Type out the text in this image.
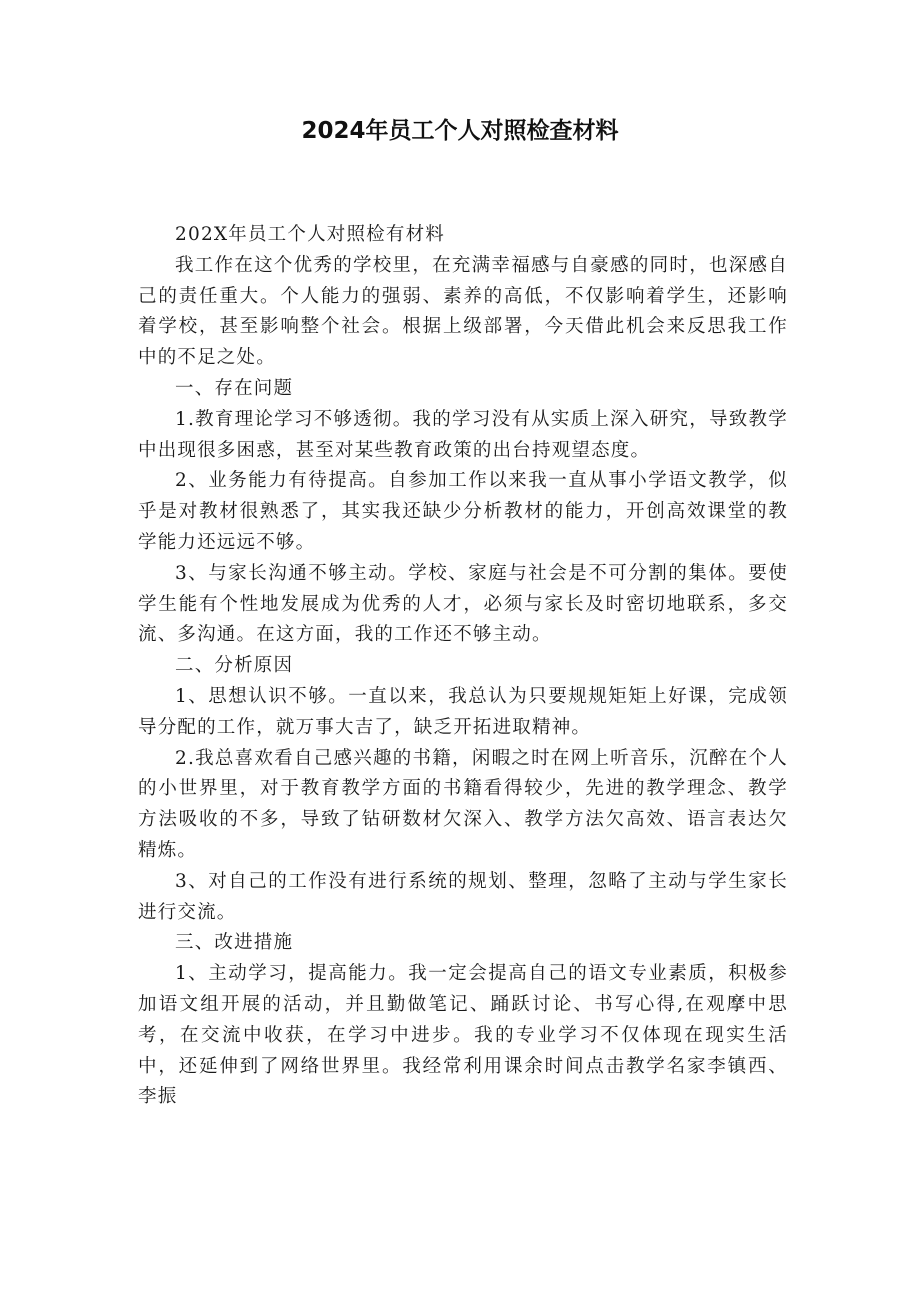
2024年员工个人对照检查材料

202X年员工个人对照检有材料

我工作在这个优秀的学校里，在充满幸福感与自豪感的同时，也深感自己的责任重大。个人能力的强弱、素养的高低，不仅影响着学生，还影响着学校，甚至影响整个社会。根据上级部署，今天借此机会来反思我工作中的不足之处。

一、存在问题

1.教育理论学习不够透彻。我的学习没有从实质上深入研究，导致教学中出现很多困惑，甚至对某些教育政策的出台持观望态度。

2、业务能力有待提高。自参加工作以来我一直从事小学语文教学，似乎是对教材很熟悉了，其实我还缺少分析教材的能力，开创高效课堂的教学能力还远远不够。

3、与家长沟通不够主动。学校、家庭与社会是不可分割的集体。要使学生能有个性地发展成为优秀的人才，必须与家长及时密切地联系，多交流、多沟通。在这方面，我的工作还不够主动。

二、分析原因

1、思想认识不够。一直以来，我总认为只要规规矩矩上好课，完成领导分配的工作，就万事大吉了，缺乏开拓进取精神。

2.我总喜欢看自己感兴趣的书籍，闲暇之时在网上听音乐，沉醉在个人的小世界里，对于教育教学方面的书籍看得较少，先进的教学理念、教学方法吸收的不多，导致了钻研数材欠深入、教学方法欠高效、语言表达欠精炼。

3、对自己的工作没有进行系统的规划、整理，忽略了主动与学生家长进行交流。

三、改进措施

1、主动学习，提高能力。我一定会提高自己的语文专业素质，积极参加语文组开展的活动，并且勤做笔记、踊跃讨论、书写心得,在观摩中思考，在交流中收获，在学习中进步。我的专业学习不仅体现在现实生活中，还延伸到了网络世界里。我经常利用课余时间点击教学名家李镇西、李振
